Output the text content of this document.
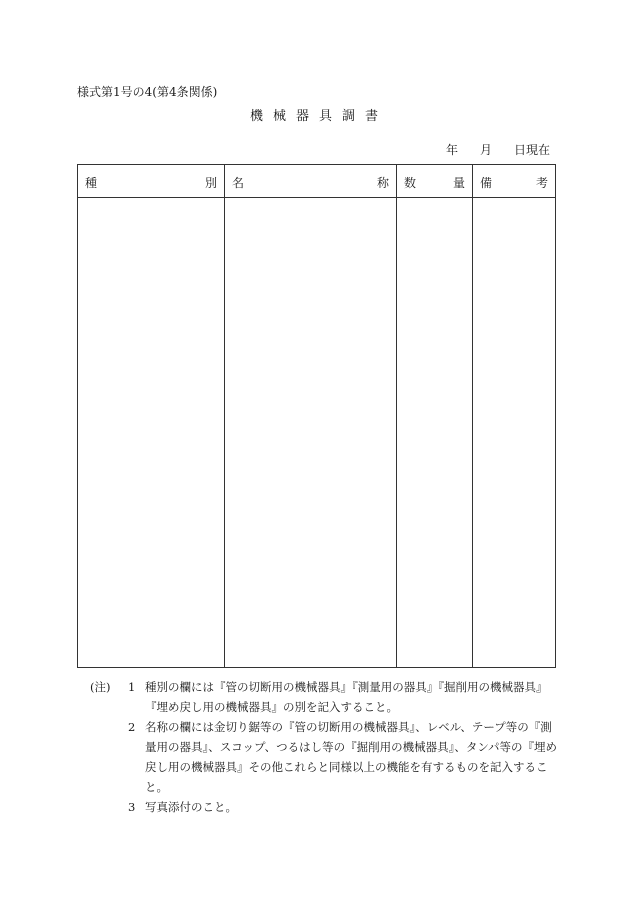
様式第1号の4(第4条関係)
機械器具調書
年 月 日現在
種 別	名 称	数 量	備 考

(注)	1 種別の欄には『管の切断用の機械器具』『測量用の器具』『掘削用の機械器具』『埋め戻し用の機械器具』の別を記入すること。
2 名称の欄には金切り鋸等の『管の切断用の機械器具』、レベル、テープ等の『測量用の器具』、スコップ、つるはし等の『掘削用の機械器具』、タンパ等の『埋め戻し用の機械器具』その他これらと同様以上の機能を有するものを記入すること。
3 写真添付のこと。
